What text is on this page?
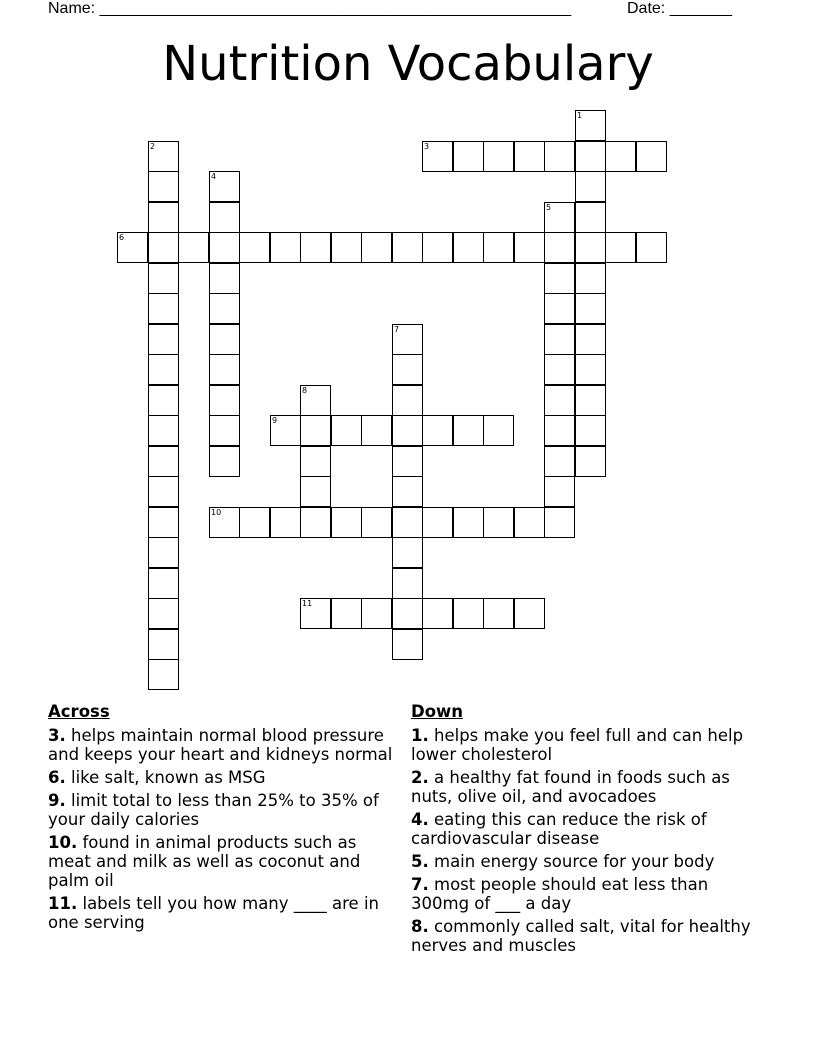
Name: _____________________________________________________	Date: _______
Nutrition Vocabulary
1
2	3
4
5
6
7
8
9
10
11
Across
3. helps maintain normal blood pressure and keeps your heart and kidneys normal
6. like salt, known as MSG
9. limit total to less than 25% to 35% of your daily calories
10. found in animal products such as meat and milk as well as coconut and palm oil
11. labels tell you how many ____ are in one serving
Down
1. helps make you feel full and can help lower cholesterol
2. a healthy fat found in foods such as nuts, olive oil, and avocadoes
4. eating this can reduce the risk of cardiovascular disease
5. main energy source for your body
7. most people should eat less than 300mg of ___ a day
8. commonly called salt, vital for healthy nerves and muscles
